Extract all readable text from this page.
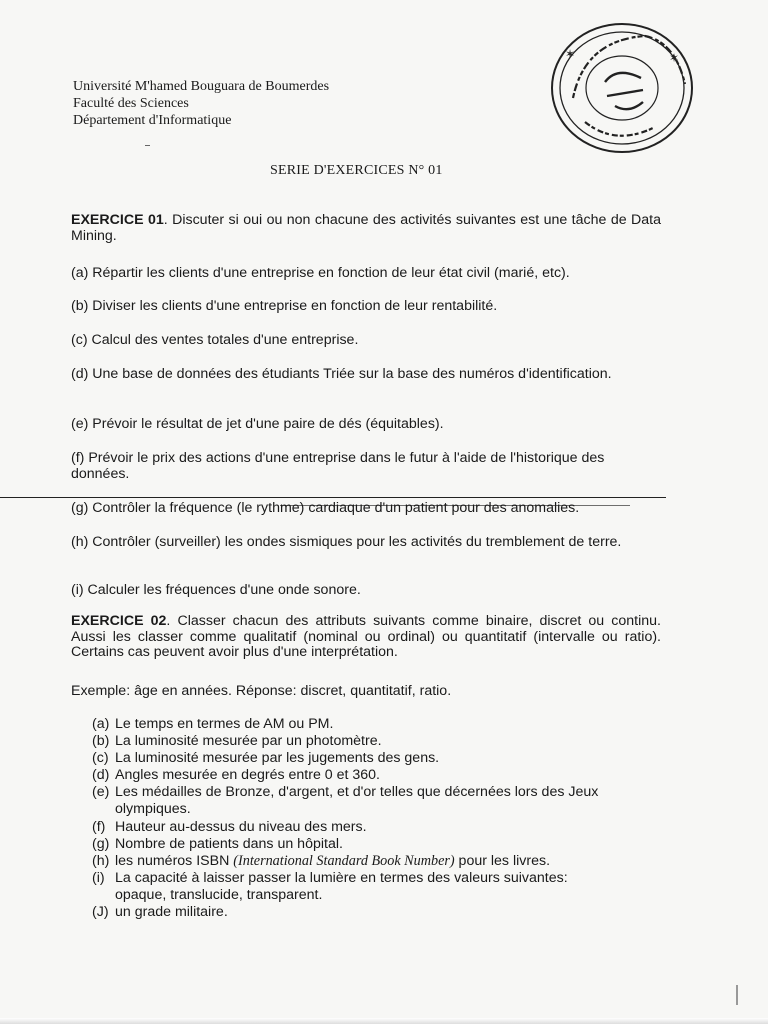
Université M'hamed Bouguara de Boumerdes
Faculté des Sciences
Département d'Informatique
✶	✶
SERIE D'EXERCICES N° 01
EXERCICE 01. Discuter si oui ou non chacune des activités suivantes est une tâche de Data Mining.
(a) Répartir les clients d'une entreprise en fonction de leur état civil (marié, etc).
(b) Diviser les clients d'une entreprise en fonction de leur rentabilité.
(c) Calcul des ventes totales d'une entreprise.
(d) Une base de données des étudiants Triée sur la base des numéros d'identification.
(e) Prévoir le résultat de jet d'une paire de dés (équitables).
(f) Prévoir le prix des actions d'une entreprise dans le futur à l'aide de l'historique des données.
(g) Contrôler la fréquence (le rythme) cardiaque d'un patient pour des anomalies.
(h) Contrôler (surveiller) les ondes sismiques pour les activités du tremblement de terre.
(i) Calculer les fréquences d'une onde sonore.
EXERCICE 02. Classer chacun des attributs suivants comme binaire, discret ou continu. Aussi les classer comme qualitatif (nominal ou ordinal) ou quantitatif (intervalle ou ratio). Certains cas peuvent avoir plus d'une interprétation.
Exemple: âge en années. Réponse: discret, quantitatif, ratio.
(a) Le temps en termes de AM ou PM.
(b) La luminosité mesurée par un photomètre.
(c) La luminosité mesurée par les jugements des gens.
(d) Angles mesurée en degrés entre 0 et 360.
(e) Les médailles de Bronze, d'argent, et d'or telles que décernées lors des Jeux
olympiques.
(f) Hauteur au-dessus du niveau des mers.
(g) Nombre de patients dans un hôpital.
(h) les numéros ISBN (International Standard Book Number) pour les livres.
(i) La capacité à laisser passer la lumière en termes des valeurs suivantes:
opaque, translucide, transparent.
(J) un grade militaire.
